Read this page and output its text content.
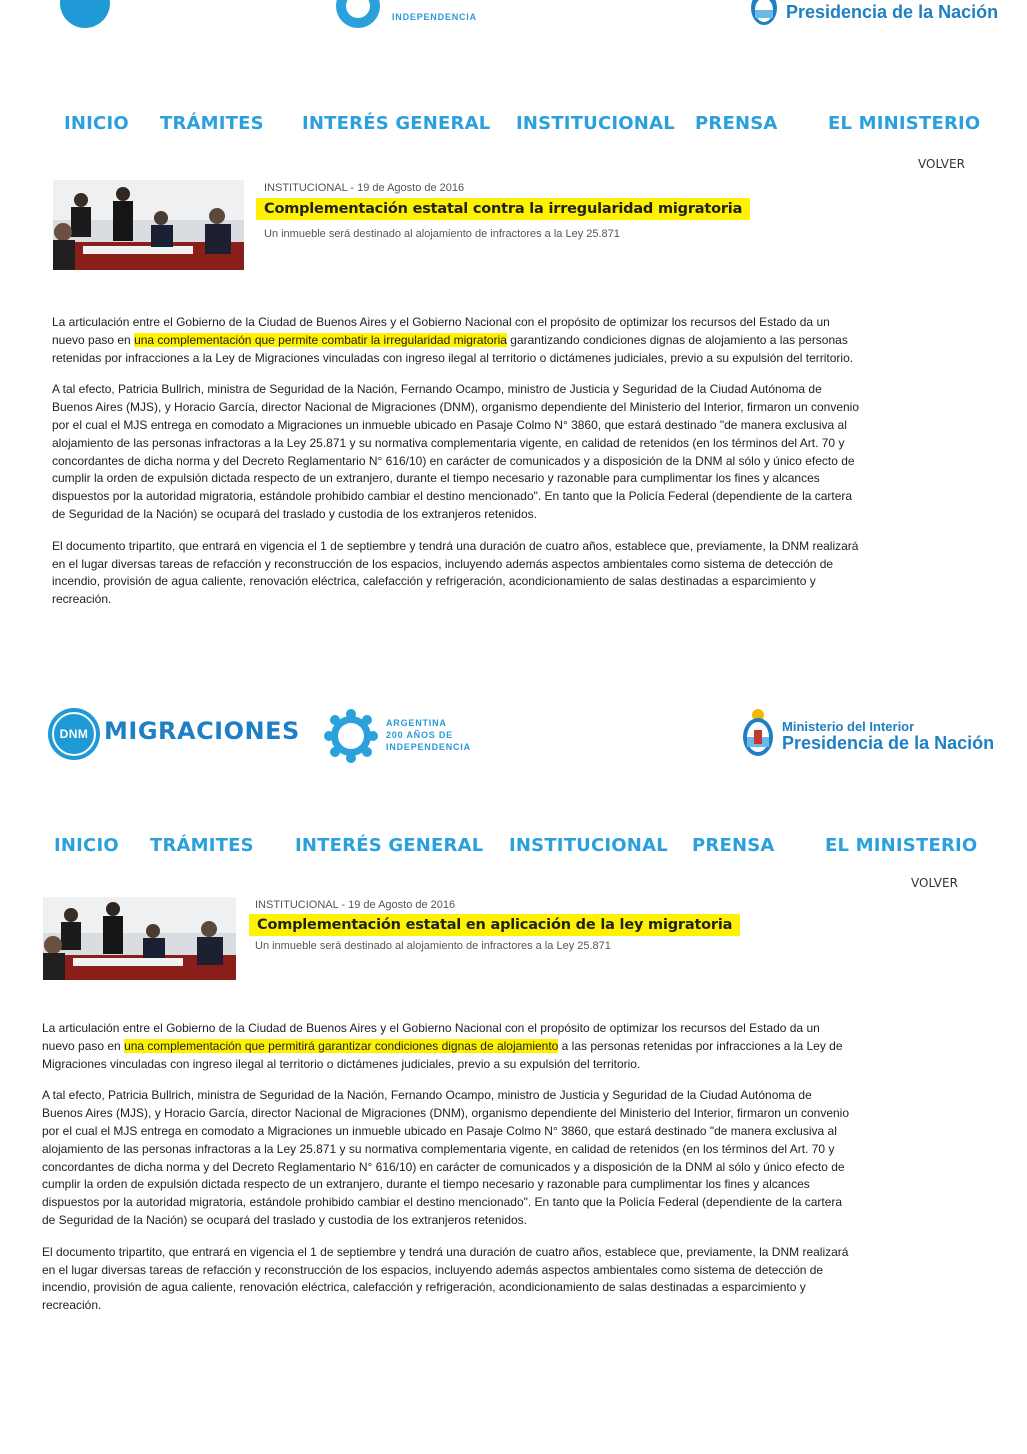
INDEPENDENCIA	Presidencia de la Nación
INICIO TRÁMITES INTERÉS GENERAL INSTITUCIONAL PRENSA	EL MINISTERIO
VOLVER
INSTITUCIONAL - 19 de Agosto de 2016
Complementación estatal contra la irregularidad migratoria
Un inmueble será destinado al alojamiento de infractores a la Ley 25.871

La articulación entre el Gobierno de la Ciudad de Buenos Aires y el Gobierno Nacional con el propósito de optimizar los recursos del Estado da un nuevo paso en una complementación que permite combatir la irregularidad migratoria garantizando condiciones dignas de alojamiento a las personas retenidas por infracciones a la Ley de Migraciones vinculadas con ingreso ilegal al territorio o dictámenes judiciales, previo a su expulsión del territorio.

A tal efecto, Patricia Bullrich, ministra de Seguridad de la Nación, Fernando Ocampo, ministro de Justicia y Seguridad de la Ciudad Autónoma de Buenos Aires (MJS), y Horacio García, director Nacional de Migraciones (DNM), organismo dependiente del Ministerio del Interior, firmaron un convenio por el cual el MJS entrega en comodato a Migraciones un inmueble ubicado en Pasaje Colmo N° 3860, que estará destinado "de manera exclusiva al alojamiento de las personas infractoras a la Ley 25.871 y su normativa complementaria vigente, en calidad de retenidos (en los términos del Art. 70 y concordantes de dicha norma y del Decreto Reglamentario N° 616/10) en carácter de comunicados y a disposición de la DNM al sólo y único efecto de cumplir la orden de expulsión dictada respecto de un extranjero, durante el tiempo necesario y razonable para cumplimentar los fines y alcances dispuestos por la autoridad migratoria, estándole prohibido cambiar el destino mencionado". En tanto que la Policía Federal (dependiente de la cartera de Seguridad de la Nación) se ocupará del traslado y custodia de los extranjeros retenidos.

El documento tripartito, que entrará en vigencia el 1 de septiembre y tendrá una duración de cuatro años, establece que, previamente, la DNM realizará en el lugar diversas tareas de refacción y reconstrucción de los espacios, incluyendo además aspectos ambientales como sistema de detección de incendio, provisión de agua caliente, renovación eléctrica, calefacción y refrigeración, acondicionamiento de salas destinadas a esparcimiento y recreación.

DNM MIGRACIONES	ARGENTINA
200 AÑOS DE
INDEPENDENCIA
Ministerio del Interior
Presidencia de la Nación
INICIO TRÁMITES INTERÉS GENERAL INSTITUCIONAL PRENSA	EL MINISTERIO
VOLVER
INSTITUCIONAL - 19 de Agosto de 2016
Complementación estatal en aplicación de la ley migratoria
Un inmueble será destinado al alojamiento de infractores a la Ley 25.871

La articulación entre el Gobierno de la Ciudad de Buenos Aires y el Gobierno Nacional con el propósito de optimizar los recursos del Estado da un nuevo paso en una complementación que permitirá garantizar condiciones dignas de alojamiento a las personas retenidas por infracciones a la Ley de Migraciones vinculadas con ingreso ilegal al territorio o dictámenes judiciales, previo a su expulsión del territorio.

A tal efecto, Patricia Bullrich, ministra de Seguridad de la Nación, Fernando Ocampo, ministro de Justicia y Seguridad de la Ciudad Autónoma de Buenos Aires (MJS), y Horacio García, director Nacional de Migraciones (DNM), organismo dependiente del Ministerio del Interior, firmaron un convenio por el cual el MJS entrega en comodato a Migraciones un inmueble ubicado en Pasaje Colmo N° 3860, que estará destinado "de manera exclusiva al alojamiento de las personas infractoras a la Ley 25.871 y su normativa complementaria vigente, en calidad de retenidos (en los términos del Art. 70 y concordantes de dicha norma y del Decreto Reglamentario N° 616/10) en carácter de comunicados y a disposición de la DNM al sólo y único efecto de cumplir la orden de expulsión dictada respecto de un extranjero, durante el tiempo necesario y razonable para cumplimentar los fines y alcances dispuestos por la autoridad migratoria, estándole prohibido cambiar el destino mencionado". En tanto que la Policía Federal (dependiente de la cartera de Seguridad de la Nación) se ocupará del traslado y custodia de los extranjeros retenidos.

El documento tripartito, que entrará en vigencia el 1 de septiembre y tendrá una duración de cuatro años, establece que, previamente, la DNM realizará en el lugar diversas tareas de refacción y reconstrucción de los espacios, incluyendo además aspectos ambientales como sistema de detección de incendio, provisión de agua caliente, renovación eléctrica, calefacción y refrigeración, acondicionamiento de salas destinadas a esparcimiento y recreación.
